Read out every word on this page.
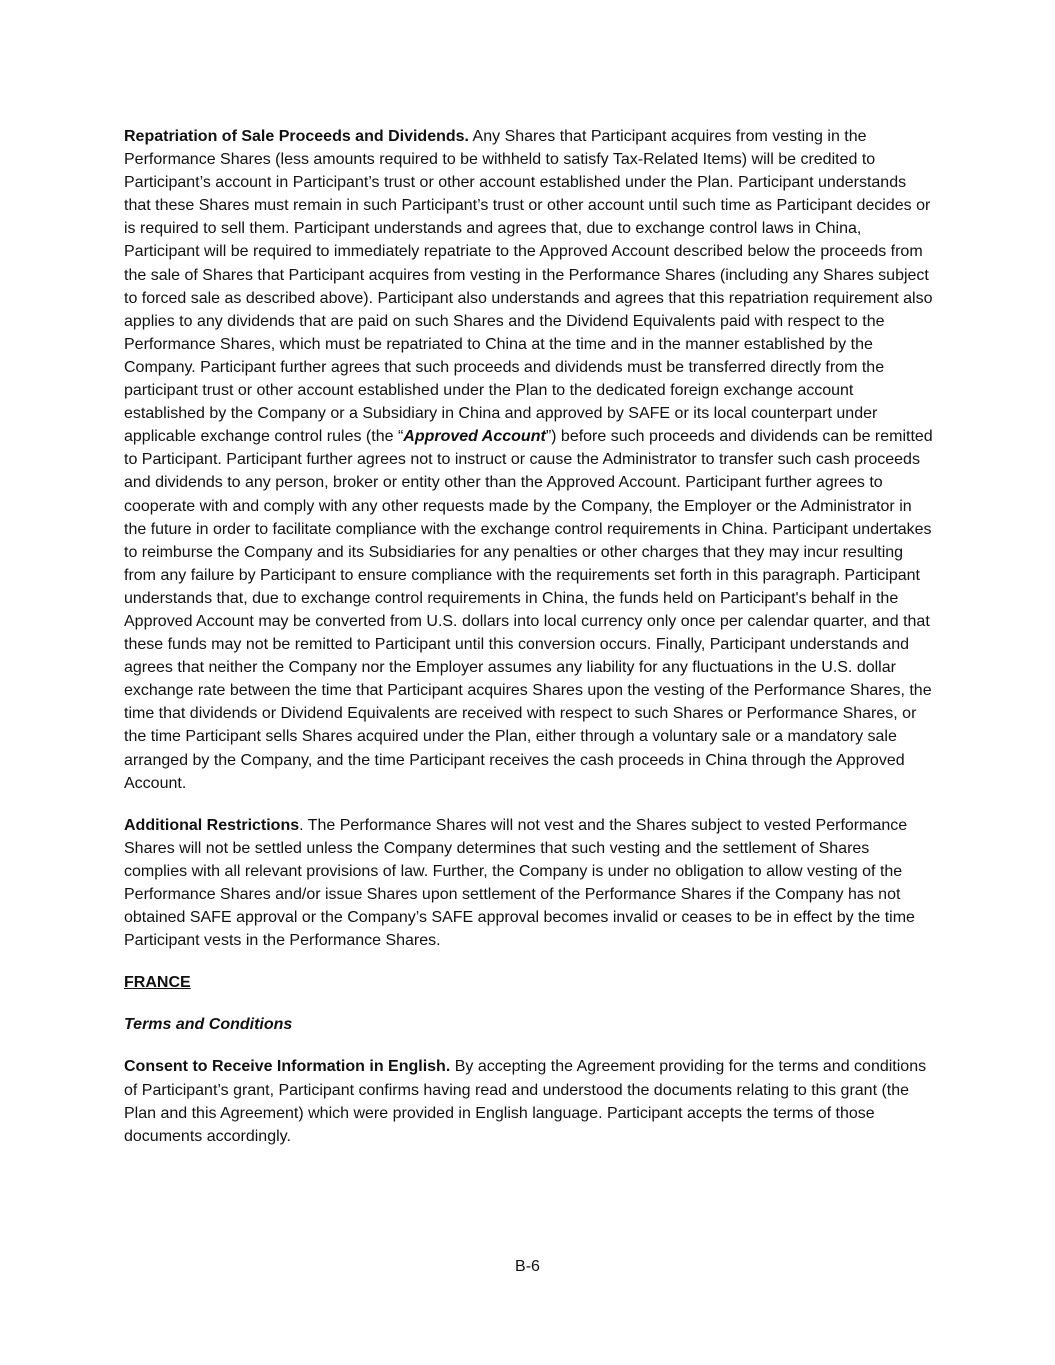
Repatriation of Sale Proceeds and Dividends. Any Shares that Participant acquires from vesting in the Performance Shares (less amounts required to be withheld to satisfy Tax-Related Items) will be credited to Participant’s account in Participant’s trust or other account established under the Plan. Participant understands that these Shares must remain in such Participant’s trust or other account until such time as Participant decides or is required to sell them. Participant understands and agrees that, due to exchange control laws in China, Participant will be required to immediately repatriate to the Approved Account described below the proceeds from the sale of Shares that Participant acquires from vesting in the Performance Shares (including any Shares subject to forced sale as described above). Participant also understands and agrees that this repatriation requirement also applies to any dividends that are paid on such Shares and the Dividend Equivalents paid with respect to the Performance Shares, which must be repatriated to China at the time and in the manner established by the Company. Participant further agrees that such proceeds and dividends must be transferred directly from the participant trust or other account established under the Plan to the dedicated foreign exchange account established by the Company or a Subsidiary in China and approved by SAFE or its local counterpart under applicable exchange control rules (the “Approved Account”) before such proceeds and dividends can be remitted to Participant. Participant further agrees not to instruct or cause the Administrator to transfer such cash proceeds and dividends to any person, broker or entity other than the Approved Account. Participant further agrees to cooperate with and comply with any other requests made by the Company, the Employer or the Administrator in the future in order to facilitate compliance with the exchange control requirements in China. Participant undertakes to reimburse the Company and its Subsidiaries for any penalties or other charges that they may incur resulting from any failure by Participant to ensure compliance with the requirements set forth in this paragraph. Participant understands that, due to exchange control requirements in China, the funds held on Participant's behalf in the Approved Account may be converted from U.S. dollars into local currency only once per calendar quarter, and that these funds may not be remitted to Participant until this conversion occurs. Finally, Participant understands and agrees that neither the Company nor the Employer assumes any liability for any fluctuations in the U.S. dollar exchange rate between the time that Participant acquires Shares upon the vesting of the Performance Shares, the time that dividends or Dividend Equivalents are received with respect to such Shares or Performance Shares, or the time Participant sells Shares acquired under the Plan, either through a voluntary sale or a mandatory sale arranged by the Company, and the time Participant receives the cash proceeds in China through the Approved Account.

Additional Restrictions. The Performance Shares will not vest and the Shares subject to vested Performance Shares will not be settled unless the Company determines that such vesting and the settlement of Shares complies with all relevant provisions of law. Further, the Company is under no obligation to allow vesting of the Performance Shares and/or issue Shares upon settlement of the Performance Shares if the Company has not obtained SAFE approval or the Company’s SAFE approval becomes invalid or ceases to be in effect by the time Participant vests in the Performance Shares.

FRANCE

Terms and Conditions

Consent to Receive Information in English. By accepting the Agreement providing for the terms and conditions of Participant’s grant, Participant confirms having read and understood the documents relating to this grant (the Plan and this Agreement) which were provided in English language. Participant accepts the terms of those documents accordingly.

B-6
